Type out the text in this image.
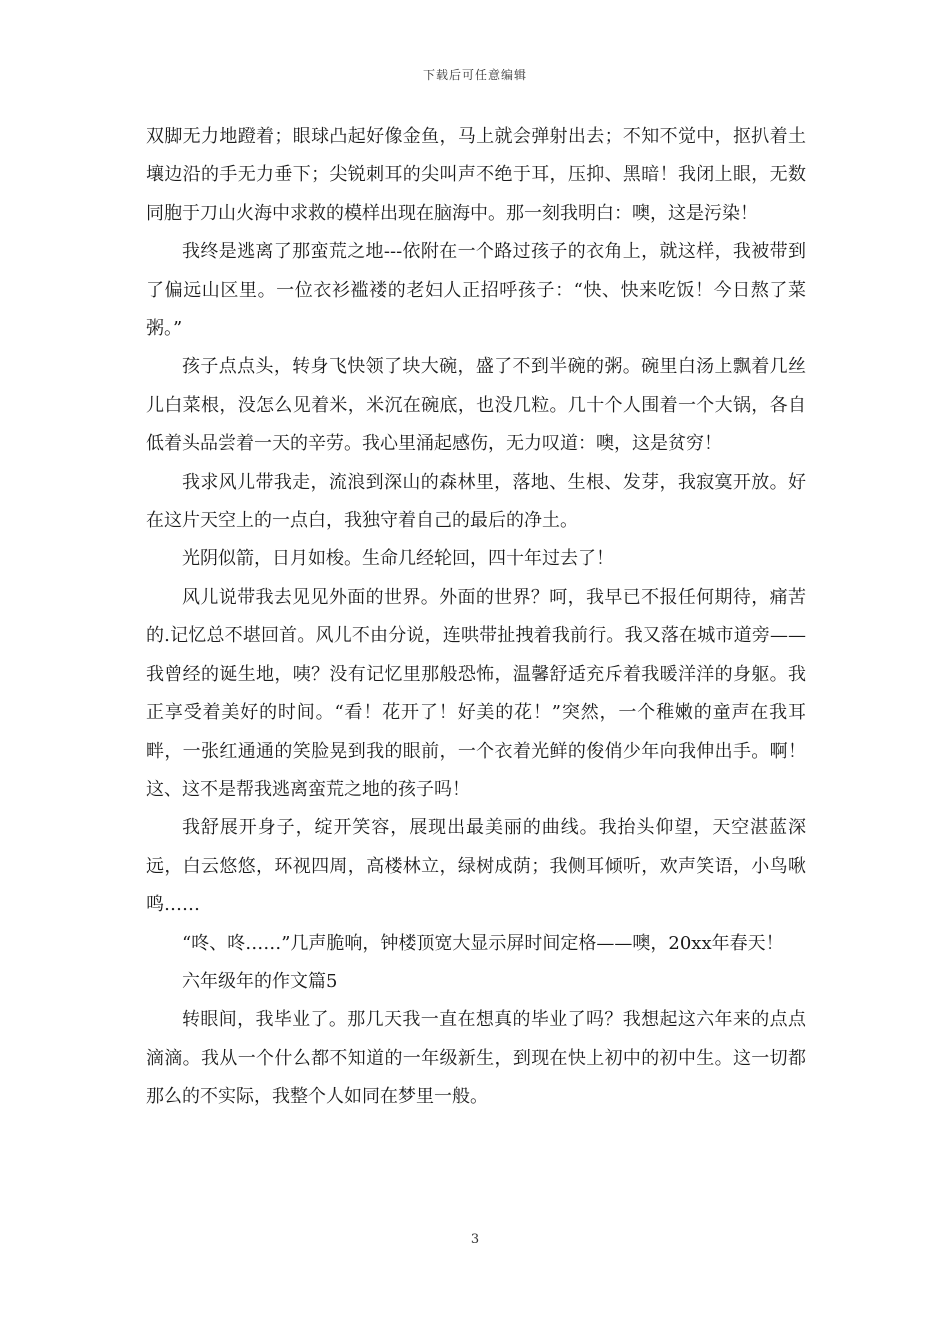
下载后可任意编辑

双脚无力地蹬着；眼球凸起好像金鱼，马上就会弹射出去；不知不觉中，抠扒着土壤边沿的手无力垂下；尖锐刺耳的尖叫声不绝于耳，压抑、黑暗！我闭上眼，无数同胞于刀山火海中求救的模样出现在脑海中。那一刻我明白：噢，这是污染！

我终是逃离了那蛮荒之地---依附在一个路过孩子的衣角上，就这样，我被带到了偏远山区里。一位衣衫褴褛的老妇人正招呼孩子：“快、快来吃饭！今日熬了菜粥。”

孩子点点头，转身飞快领了块大碗，盛了不到半碗的粥。碗里白汤上飘着几丝儿白菜根，没怎么见着米，米沉在碗底，也没几粒。几十个人围着一个大锅，各自低着头品尝着一天的辛劳。我心里涌起感伤，无力叹道：噢，这是贫穷！

我求风儿带我走，流浪到深山的森林里，落地、生根、发芽，我寂寞开放。好在这片天空上的一点白，我独守着自己的最后的净土。

光阴似箭，日月如梭。生命几经轮回，四十年过去了！

风儿说带我去见见外面的世界。外面的世界？呵，我早已不报任何期待，痛苦的.记忆总不堪回首。风儿不由分说，连哄带扯拽着我前行。我又落在城市道旁——我曾经的诞生地，咦？没有记忆里那般恐怖，温馨舒适充斥着我暖洋洋的身躯。我正享受着美好的时间。“看！花开了！好美的花！”突然，一个稚嫩的童声在我耳畔，一张红通通的笑脸晃到我的眼前，一个衣着光鲜的俊俏少年向我伸出手。啊！这、这不是帮我逃离蛮荒之地的孩子吗！

我舒展开身子，绽开笑容，展现出最美丽的曲线。我抬头仰望，天空湛蓝深远，白云悠悠，环视四周，高楼林立，绿树成荫；我侧耳倾听，欢声笑语，小鸟啾鸣……

“咚、咚……”几声脆响，钟楼顶宽大显示屏时间定格——噢，20xx年春天！

六年级年的作文篇5

转眼间，我毕业了。那几天我一直在想真的毕业了吗？我想起这六年来的点点滴滴。我从一个什么都不知道的一年级新生，到现在快上初中的初中生。这一切都那么的不实际，我整个人如同在梦里一般。

3
